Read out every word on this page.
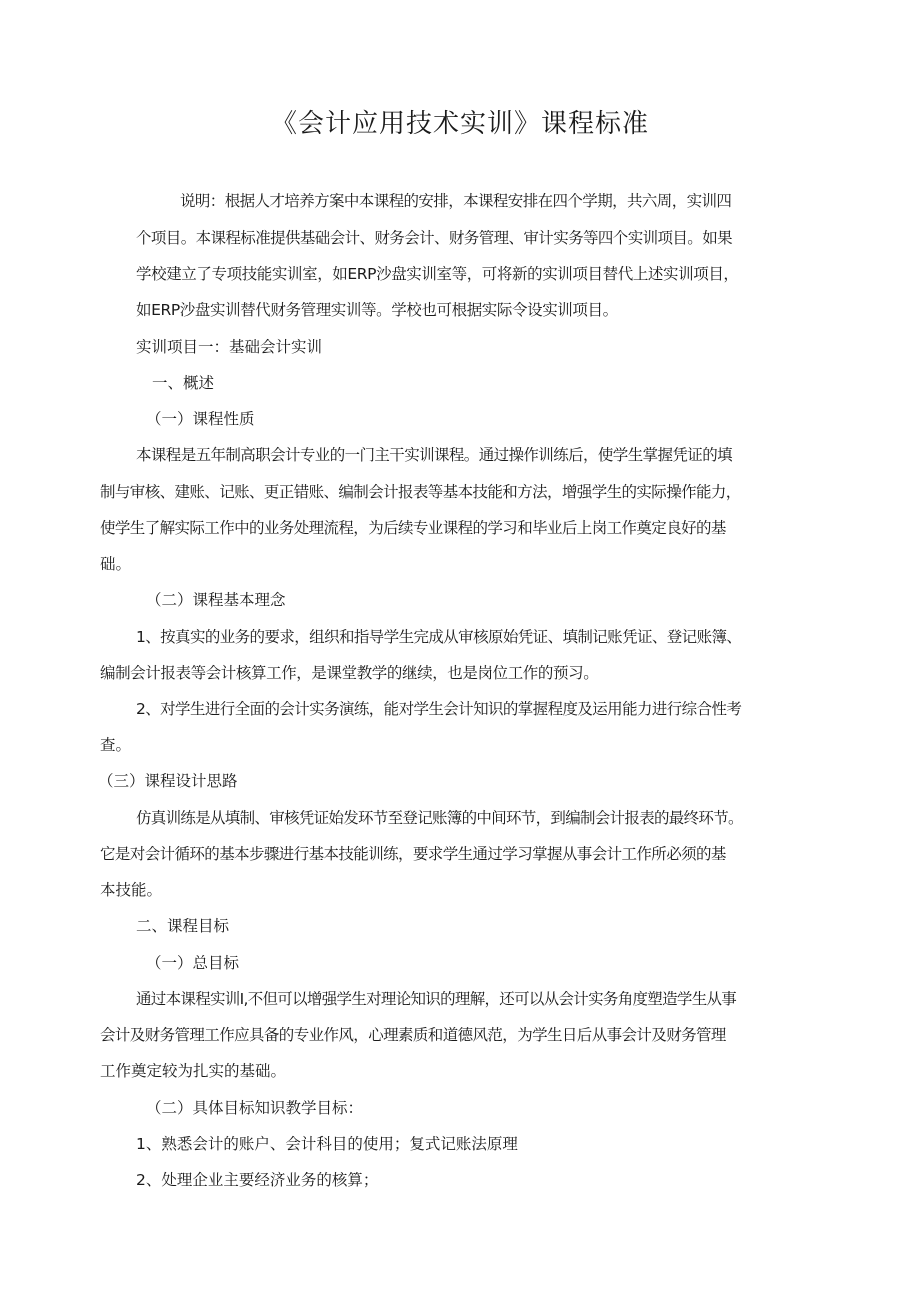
《会计应用技术实训》课程标准

说明：根据人才培养方案中本课程的安排，本课程安排在四个学期，共六周，实训四

个项目。本课程标准提供基础会计、财务会计、财务管理、审计实务等四个实训项目。如果

学校建立了专项技能实训室，如ERP沙盘实训室等，可将新的实训项目替代上述实训项目，

如ERP沙盘实训替代财务管理实训等。学校也可根据实际令设实训项目。

实训项目一：基础会计实训

一、概述

（一）课程性质

本课程是五年制高职会计专业的一门主干实训课程。通过操作训练后，使学生掌握凭证的填

制与审核、建账、记账、更正错账、编制会计报表等基本技能和方法，增强学生的实际操作能力，

使学生了解实际工作中的业务处理流程，为后续专业课程的学习和毕业后上岗工作奠定良好的基

础。

（二）课程基本理念

1、按真实的业务的要求，组织和指导学生完成从审核原始凭证、填制记账凭证、登记账簿、

编制会计报表等会计核算工作，是课堂教学的继续，也是岗位工作的预习。

2、对学生进行全面的会计实务演练，能对学生会计知识的掌握程度及运用能力进行综合性考

查。

（三）课程设计思路

仿真训练是从填制、审核凭证始发环节至登记账簿的中间环节，到编制会计报表的最终环节。

它是对会计循环的基本步骤进行基本技能训练，要求学生通过学习掌握从事会计工作所必须的基

本技能。

二、课程目标

（一）总目标

通过本课程实训I,不但可以增强学生对理论知识的理解，还可以从会计实务角度塑造学生从事

会计及财务管理工作应具备的专业作风，心理素质和道德风范，为学生日后从事会计及财务管理

工作奠定较为扎实的基础。

（二）具体目标知识教学目标：

1、熟悉会计的账户、会计科目的使用；复式记账法原理

2、处理企业主要经济业务的核算；
